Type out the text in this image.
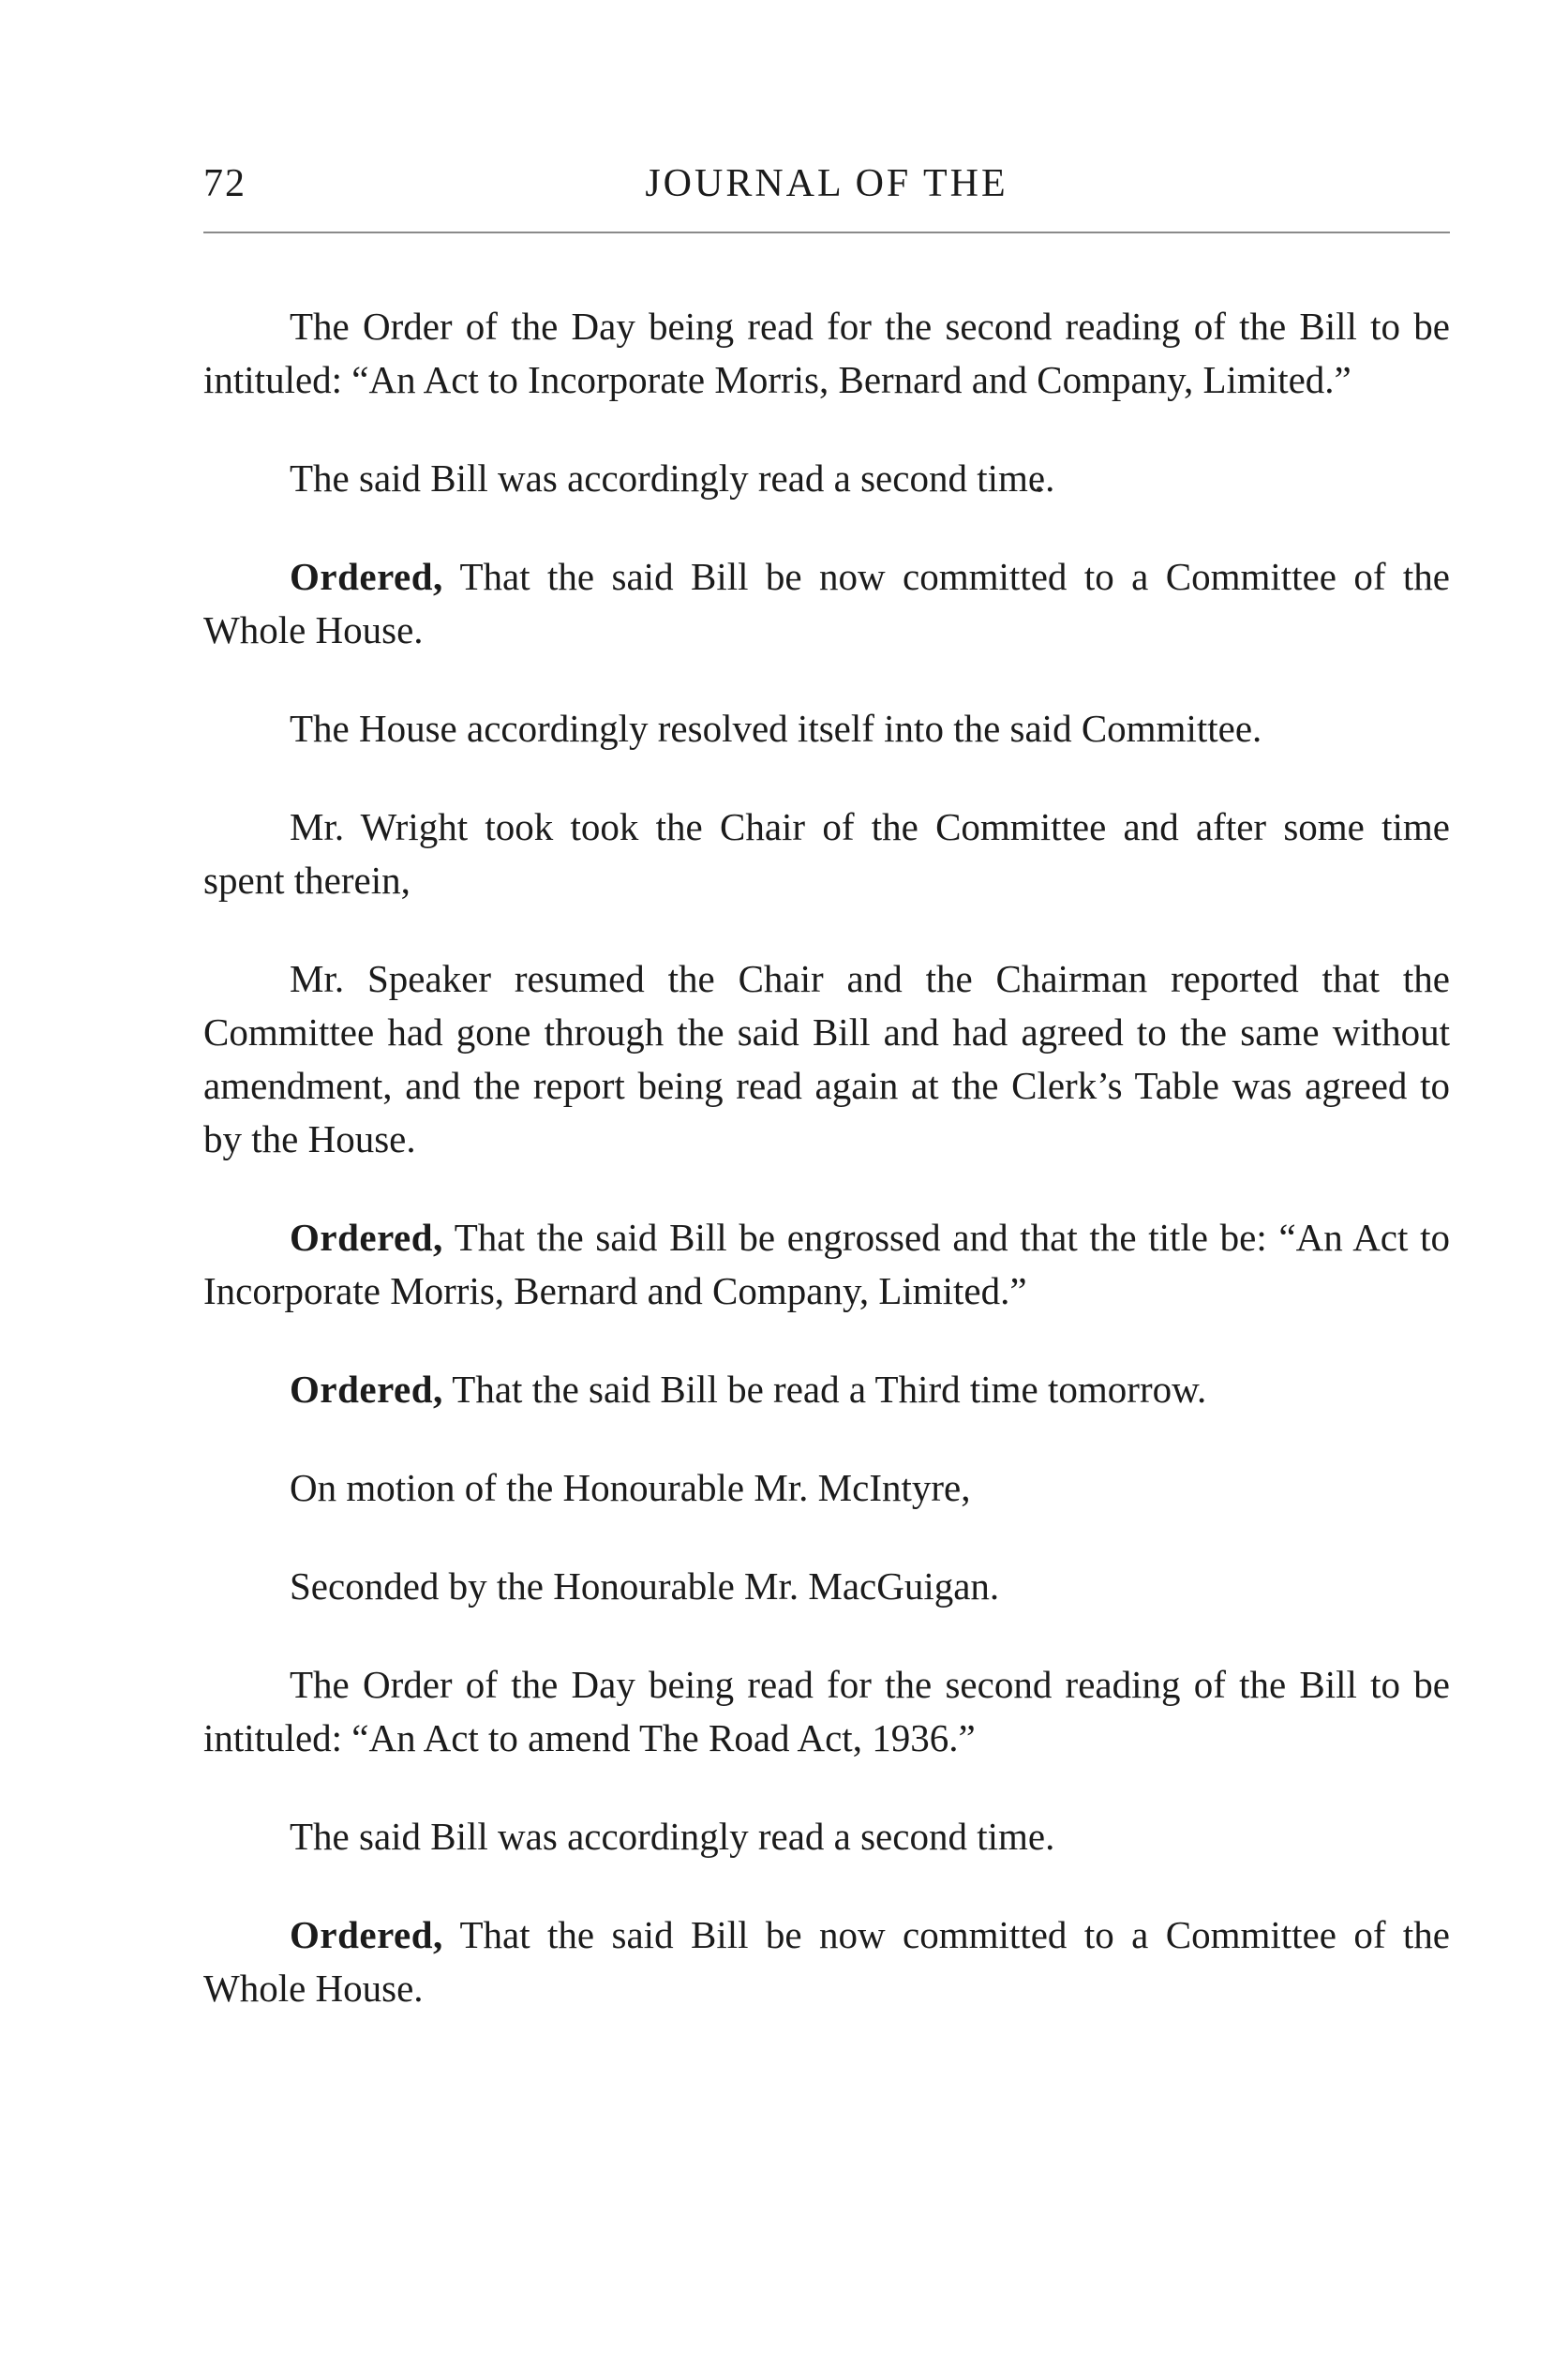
72	JOURNAL OF THE

The Order of the Day being read for the second reading of the Bill to be intituled: “An Act to Incorporate Morris, Bernard and Company, Limited.”

The said Bill was accordingly read a second time.

Ordered, That the said Bill be now committed to a Committee of the Whole House.

The House accordingly resolved itself into the said Committee.

Mr. Wright took took the Chair of the Committee and after some time spent therein,

Mr. Speaker resumed the Chair and the Chairman reported that the Committee had gone through the said Bill and had agreed to the same without amendment, and the report being read again at the Clerk’s Table was agreed to by the House.

Ordered, That the said Bill be engrossed and that the title be: “An Act to Incorporate Morris, Bernard and Company, Limited.”

Ordered, That the said Bill be read a Third time tomorrow.

On motion of the Honourable Mr. McIntyre,

Seconded by the Honourable Mr. MacGuigan.

The Order of the Day being read for the second reading of the Bill to be intituled: “An Act to amend The Road Act, 1936.”

The said Bill was accordingly read a second time.

Ordered, That the said Bill be now committed to a Committee of the Whole House.
